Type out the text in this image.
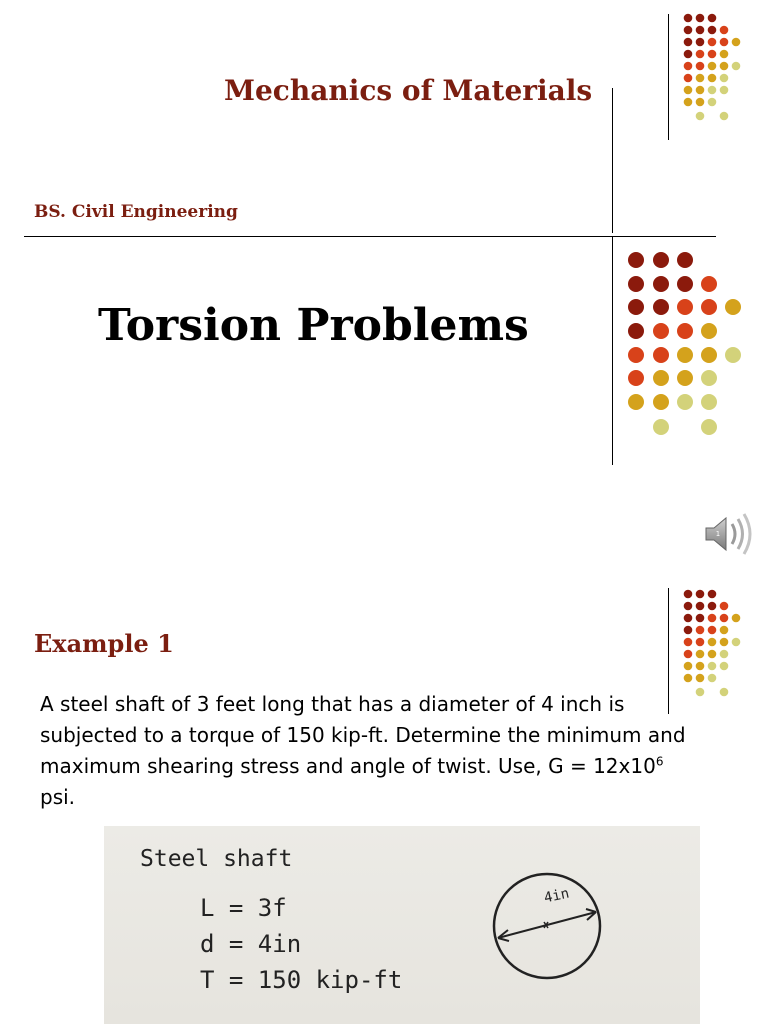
Mechanics of Materials
BS. Civil Engineering
Torsion Problems
1
Example 1

A steel shaft of 3 feet long that has a diameter of 4 inch is subjected to a torque of 150 kip-ft. Determine the minimum and maximum shearing stress and angle of twist. Use, $G = 12x10^6$ psi.

Steel shaft
L = 3f
d = 4in
T = 150 kip-ft
4in
